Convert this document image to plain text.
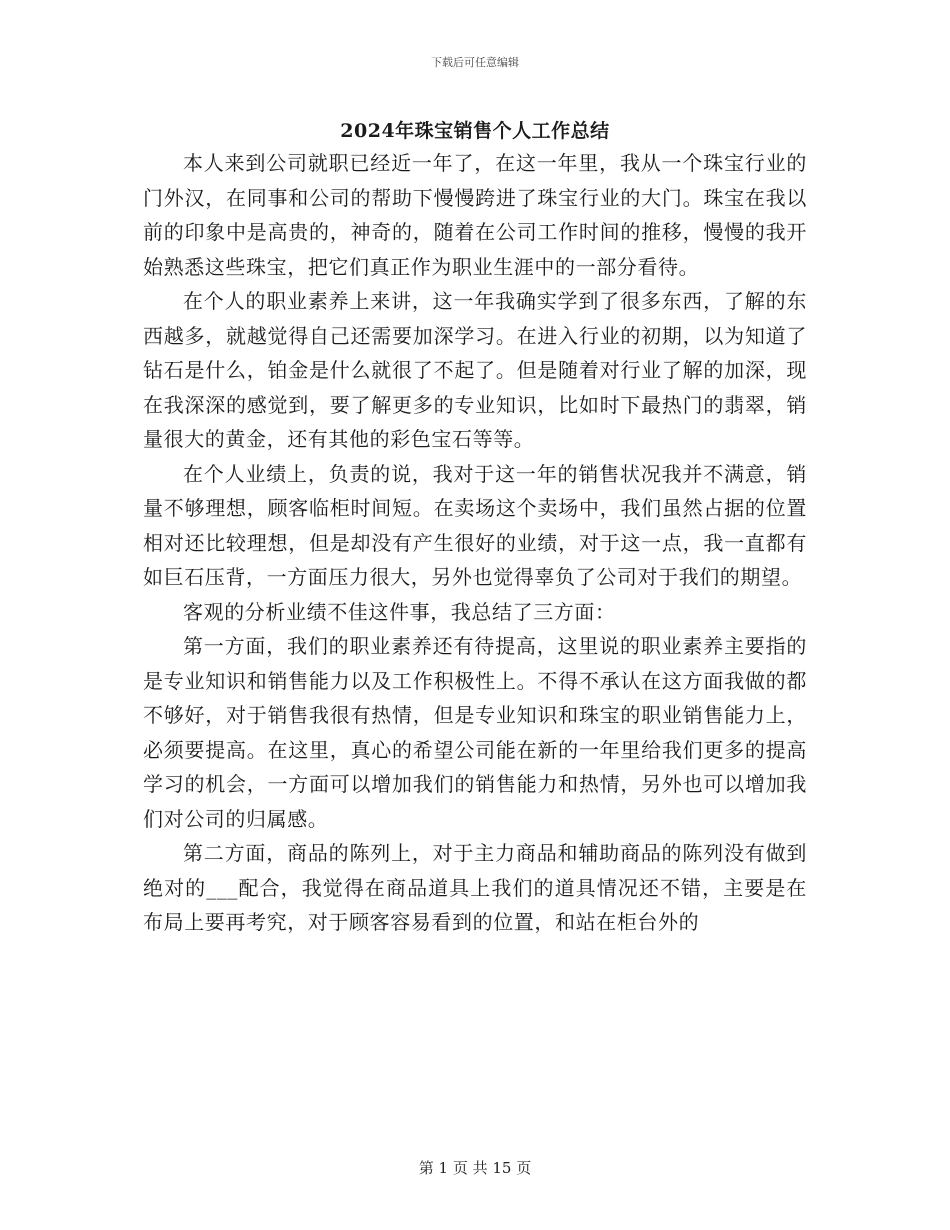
下载后可任意编辑
2024年珠宝销售个人工作总结

本人来到公司就职已经近一年了，在这一年里，我从一个珠宝行业的门外汉，在同事和公司的帮助下慢慢跨进了珠宝行业的大门。珠宝在我以前的印象中是高贵的，神奇的，随着在公司工作时间的推移，慢慢的我开始熟悉这些珠宝，把它们真正作为职业生涯中的一部分看待。

在个人的职业素养上来讲，这一年我确实学到了很多东西，了解的东西越多，就越觉得自己还需要加深学习。在进入行业的初期，以为知道了钻石是什么，铂金是什么就很了不起了。但是随着对行业了解的加深，现在我深深的感觉到，要了解更多的专业知识，比如时下最热门的翡翠，销量很大的黄金，还有其他的彩色宝石等等。

在个人业绩上，负责的说，我对于这一年的销售状况我并不满意，销量不够理想，顾客临柜时间短。在卖场这个卖场中，我们虽然占据的位置相对还比较理想，但是却没有产生很好的业绩，对于这一点，我一直都有如巨石压背，一方面压力很大，另外也觉得辜负了公司对于我们的期望。

客观的分析业绩不佳这件事，我总结了三方面：

第一方面，我们的职业素养还有待提高，这里说的职业素养主要指的是专业知识和销售能力以及工作积极性上。不得不承认在这方面我做的都不够好，对于销售我很有热情，但是专业知识和珠宝的职业销售能力上，必须要提高。在这里，真心的希望公司能在新的一年里给我们更多的提高学习的机会，一方面可以增加我们的销售能力和热情，另外也可以增加我们对公司的归属感。

第二方面，商品的陈列上，对于主力商品和辅助商品的陈列没有做到绝对的___配合，我觉得在商品道具上我们的道具情况还不错，主要是在布局上要再考究，对于顾客容易看到的位置，和站在柜台外的

第 1 页 共 15 页
